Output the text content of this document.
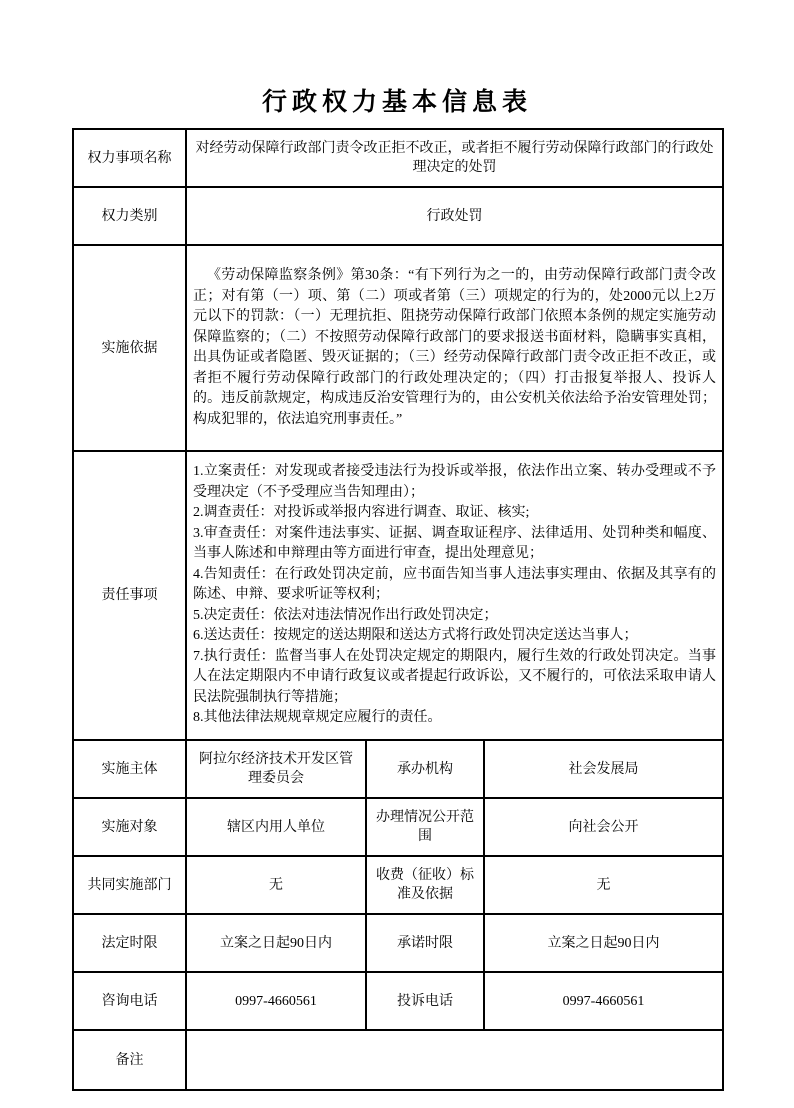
行政权力基本信息表
权力事项名称	对经劳动保障行政部门责令改正拒不改正，或者拒不履行劳动保障行政部门的行政处理决定的处罚		
权力类别	行政处罚		
实施依据	《劳动保障监察条例》第30条：“有下列行为之一的，由劳动保障行政部门责令改正；对有第（一）项、第（二）项或者第（三）项规定的行为的，处2000元以上2万元以下的罚款：（一）无理抗拒、阻挠劳动保障行政部门依照本条例的规定实施劳动保障监察的；（二）不按照劳动保障行政部门的要求报送书面材料，隐瞒事实真相，出具伪证或者隐匿、毁灭证据的；（三）经劳动保障行政部门责令改正拒不改正，或者拒不履行劳动保障行政部门的行政处理决定的；（四）打击报复举报人、投诉人的。违反前款规定，构成违反治安管理行为的，由公安机关依法给予治安管理处罚；构成犯罪的，依法追究刑事责任。”		

责任事项	
1.立案责任：对发现或者接受违法行为投诉或举报，依法作出立案、转办受理或不予受理决定（不予受理应当告知理由）；
2.调查责任：对投诉或举报内容进行调查、取证、核实;
3.审查责任：对案件违法事实、证据、调查取证程序、法律适用、处罚种类和幅度、当事人陈述和申辩理由等方面进行审查，提出处理意见；
4.告知责任：在行政处罚决定前，应书面告知当事人违法事实理由、依据及其享有的陈述、申辩、要求听证等权利；
5.决定责任：依法对违法情况作出行政处罚决定；
6.送达责任：按规定的送达期限和送达方式将行政处罚决定送达当事人；
7.执行责任：监督当事人在处罚决定规定的期限内，履行生效的行政处罚决定。当事人在法定期限内不申请行政复议或者提起行政诉讼，又不履行的，可依法采取申请人民法院强制执行等措施；
8.其他法律法规规章规定应履行的责任。

实施主体	阿拉尔经济技术开发区管理委员会	承办机构	社会发展局
实施对象	辖区内用人单位	办理情况公开范围	向社会公开
共同实施部门	无	收费（征收）标准及依据	无
法定时限	立案之日起90日内	承诺时限	立案之日起90日内
咨询电话	0997-4660561	投诉电话	0997-4660561
备注			
